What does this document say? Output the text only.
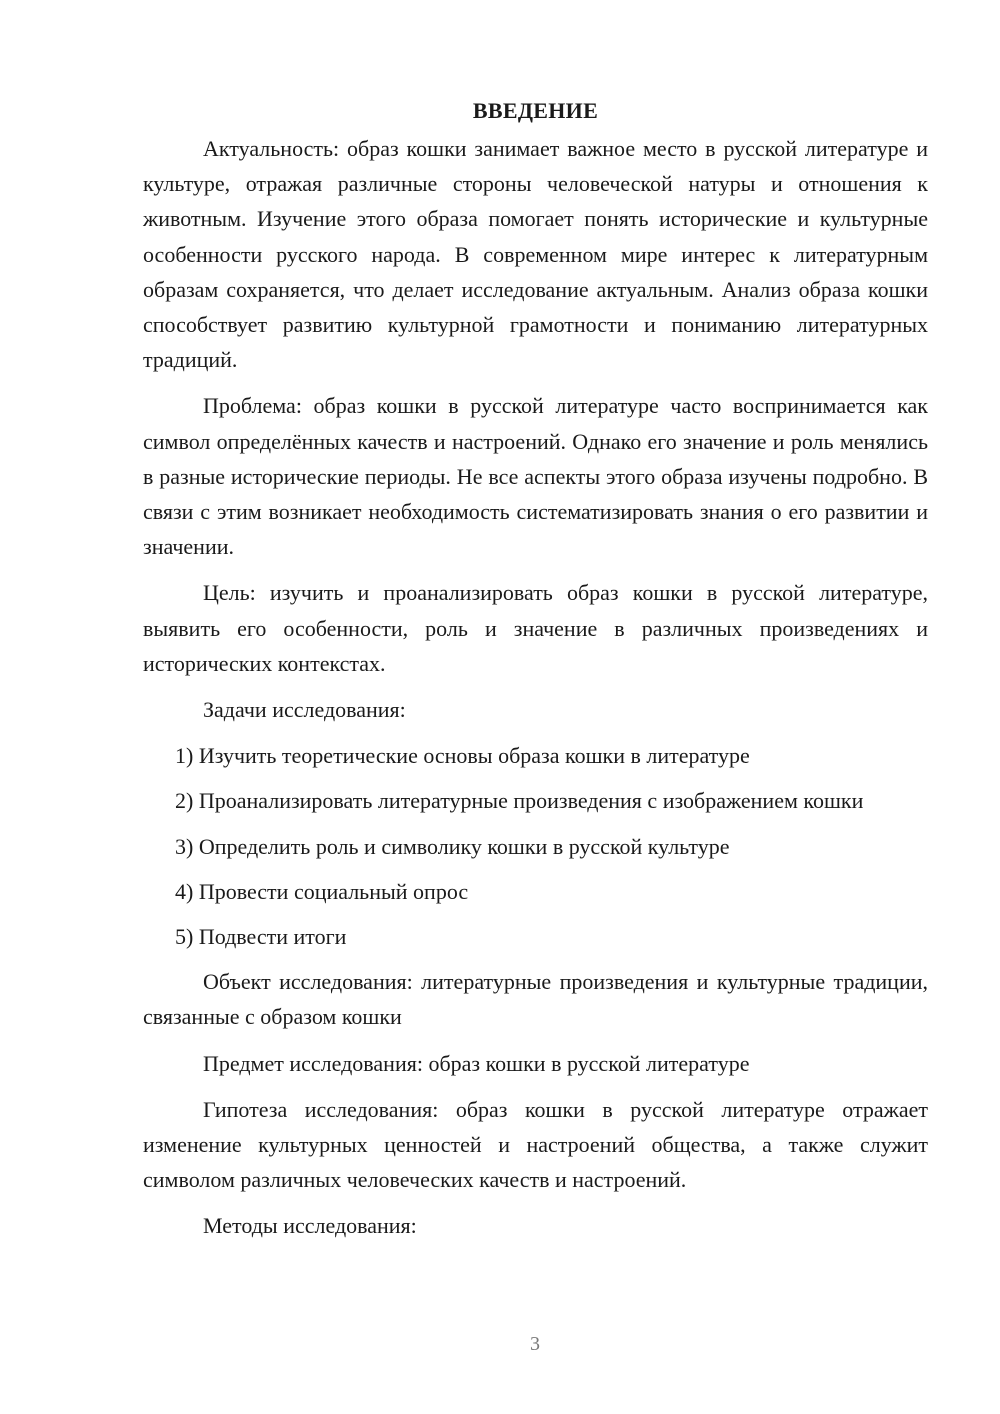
ВВЕДЕНИЕ

Актуальность: образ кошки занимает важное место в русской литературе и культуре, отражая различные стороны человеческой натуры и отношения к животным. Изучение этого образа помогает понять исторические и культурные особенности русского народа. В современном мире интерес к литературным образам сохраняется, что делает исследование актуальным. Анализ образа кошки способствует развитию культурной грамотности и пониманию литературных традиций.

Проблема: образ кошки в русской литературе часто воспринимается как символ определённых качеств и настроений. Однако его значение и роль менялись в разные исторические периоды. Не все аспекты этого образа изучены подробно. В связи с этим возникает необходимость систематизировать знания о его развитии и значении.

Цель: изучить и проанализировать образ кошки в русской литературе, выявить его особенности, роль и значение в различных произведениях и исторических контекстах.

Задачи исследования:

1) Изучить теоретические основы образа кошки в литературе

2) Проанализировать литературные произведения с изображением кошки

3) Определить роль и символику кошки в русской культуре

4) Провести социальный опрос

5) Подвести итоги

Объект исследования: литературные произведения и культурные традиции, связанные с образом кошки

Предмет исследования: образ кошки в русской литературе

Гипотеза исследования: образ кошки в русской литературе отражает изменение культурных ценностей и настроений общества, а также служит символом различных человеческих качеств и настроений.

Методы исследования:

3
